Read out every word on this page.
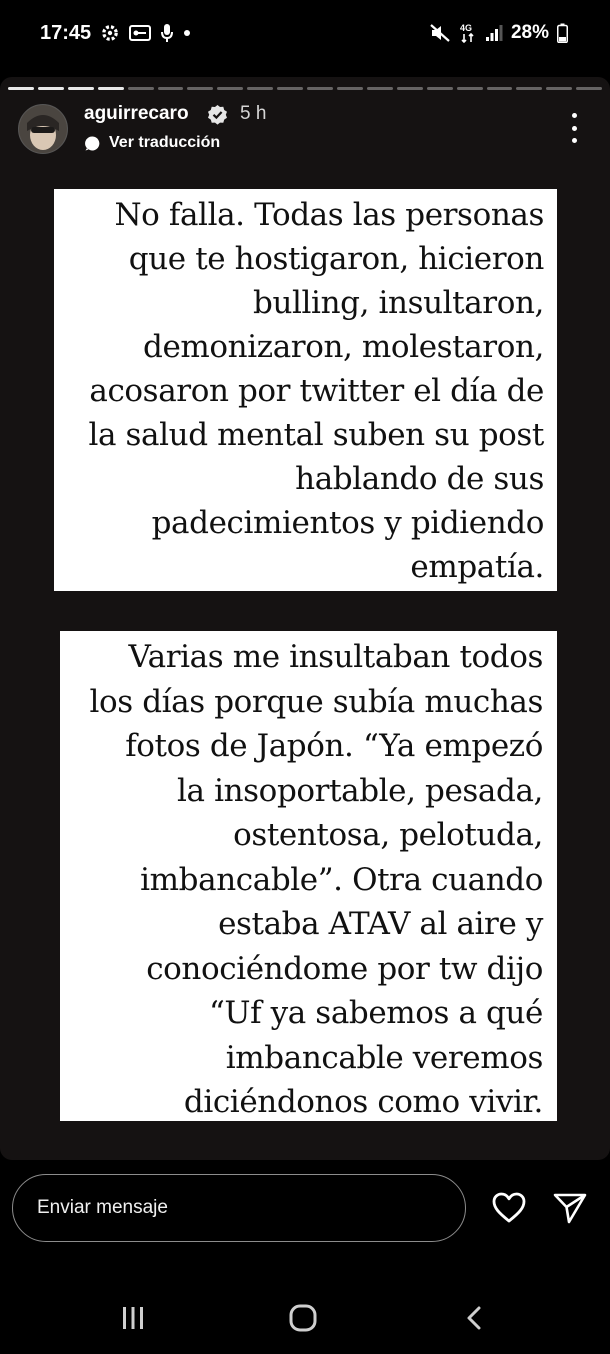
17:45	4G 28%
aguirrecaro	5 h
Ver traducción
No falla. Todas las personas
que te hostigaron, hicieron
bulling, insultaron,
demonizaron, molestaron,
acosaron por twitter el día de
la salud mental suben su post
hablando de sus
padecimientos y pidiendo
empatía.
Varias me insultaban todos
los días porque subía muchas
fotos de Japón. “Ya empezó
la insoportable, pesada,
ostentosa, pelotuda,
imbancable”. Otra cuando
estaba ATAV al aire y
conociéndome por tw dijo
“Uf ya sabemos a qué
imbancable veremos
diciéndonos como vivir.
Enviar mensaje
